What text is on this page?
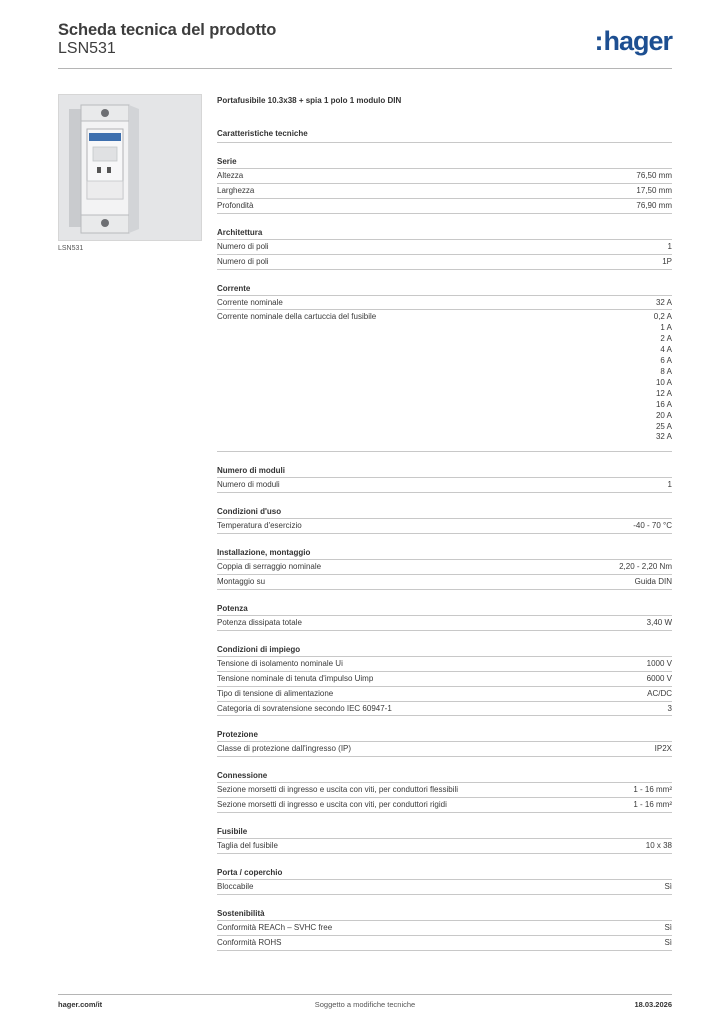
Scheda tecnica del prodotto
LSN531	:hager
LSN531
Portafusibile 10.3x38 + spia 1 polo 1 modulo DIN
Caratteristiche tecniche
Serie
Altezza	76,50 mm
Larghezza	17,50 mm
Profondità	76,90 mm
Architettura
Numero di poli	1
Numero di poli	1P
Corrente
Corrente nominale	32 A
Corrente nominale della cartuccia del fusibile	0,2 A
1 A
2 A
4 A
6 A
8 A
10 A
12 A
16 A
20 A
25 A
32 A
Numero di moduli
Numero di moduli	1
Condizioni d'uso
Temperatura d'esercizio	-40 - 70 °C
Installazione, montaggio
Coppia di serraggio nominale	2,20 - 2,20 Nm
Montaggio su	Guida DIN
Potenza
Potenza dissipata totale	3,40 W
Condizioni di impiego
Tensione di isolamento nominale Ui	1000 V
Tensione nominale di tenuta d'impulso Uimp	6000 V
Tipo di tensione di alimentazione	AC/DC
Categoria di sovratensione secondo IEC 60947-1	3
Protezione
Classe di protezione dall'ingresso (IP)	IP2X
Connessione
Sezione morsetti di ingresso e uscita con viti, per conduttori flessibili	1 - 16 mm²
Sezione morsetti di ingresso e uscita con viti, per conduttori rigidi	1 - 16 mm²
Fusibile
Taglia del fusibile	10 x 38
Porta / coperchio
Bloccabile	Sì
Sostenibilità
Conformità REACh – SVHC free	Sì
Conformità ROHS	Sì
hager.com/it	Soggetto a modifiche tecniche	18.03.2026
